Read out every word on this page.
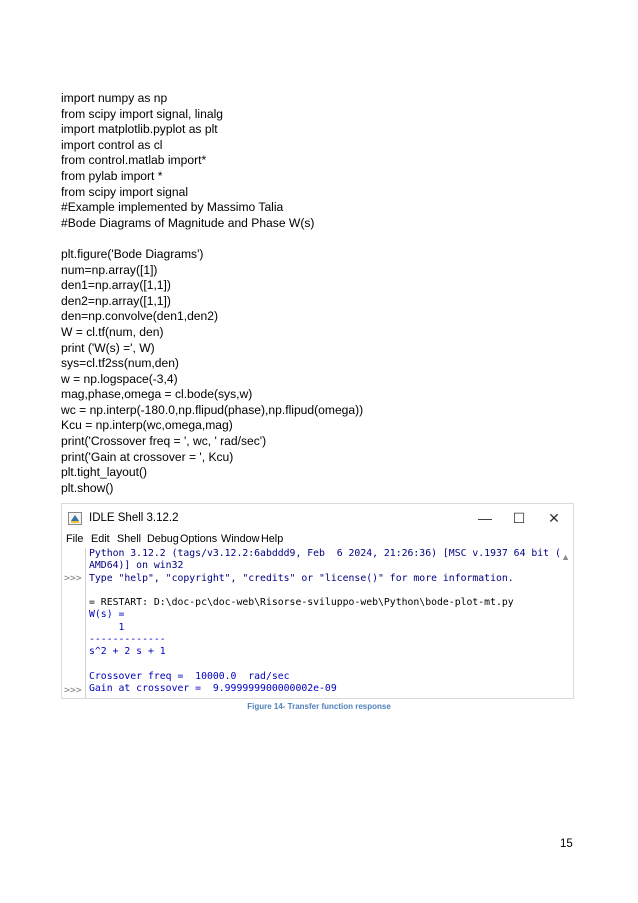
import numpy as np
from scipy import signal, linalg
import matplotlib.pyplot as plt
import control as cl
from control.matlab import*
from pylab import *
from scipy import signal
#Example implemented by Massimo Talia
#Bode Diagrams of Magnitude and Phase W(s)
plt.figure('Bode Diagrams')
num=np.array([1])
den1=np.array([1,1])
den2=np.array([1,1])
den=np.convolve(den1,den2)
W = cl.tf(num, den)
print ('W(s) =', W)
sys=cl.tf2ss(num,den)
w = np.logspace(-3,4)
mag,phase,omega = cl.bode(sys,w)
wc = np.interp(-180.0,np.flipud(phase),np.flipud(omega))
Kcu = np.interp(wc,omega,mag)
print('Crossover freq = ', wc, ' rad/sec')
print('Gain at crossover = ', Kcu)
plt.tight_layout()
plt.show()
IDLE Shell 3.12.2	—	☐	✕
File Edit Shell Debug Options Window Help
>>>
>>>
Python 3.12.2 (tags/v3.12.2:6abddd9, Feb  6 2024, 21:26:36) [MSC v.1937 64 bit (
AMD64)] on win32
Type "help", "copyright", "credits" or "license()" for more information.
= RESTART: D:\doc-pc\doc-web\Risorse-sviluppo-web\Python\bode-plot-mt.py
W(s) =
1
-------------
s^2 + 2 s + 1
Crossover freq =  10000.0  rad/sec
Gain at crossover =  9.999999900000002e-09
▲
Figure 14- Transfer function response
15
